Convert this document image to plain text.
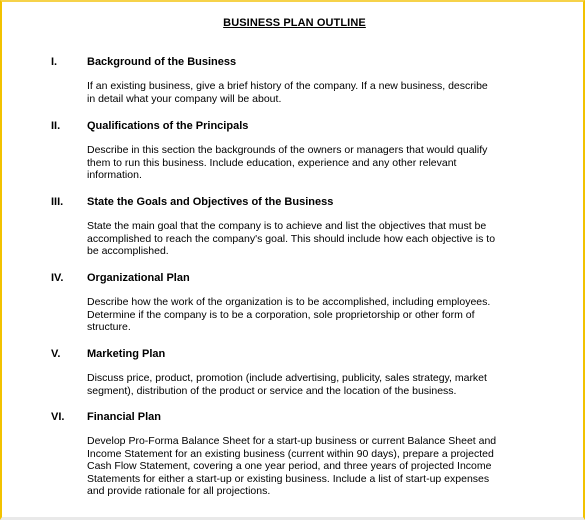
BUSINESS PLAN OUTLINE
I.	Background of the Business
If an existing business, give a brief history of the company. If a new business, describe
in detail what your company will be about.
II. Qualifications of the Principals
Describe in this section the backgrounds of the owners or managers that would qualify
them to run this business. Include education, experience and any other relevant
information.
III. State the Goals and Objectives of the Business
State the main goal that the company is to achieve and list the objectives that must be
accomplished to reach the company's goal. This should include how each objective is to
be accomplished.
IV. Organizational Plan
Describe how the work of the organization is to be accomplished, including employees.
Determine if the company is to be a corporation, sole proprietorship or other form of
structure.
V. Marketing Plan
Discuss price, product, promotion (include advertising, publicity, sales strategy, market
segment), distribution of the product or service and the location of the business.
VI. Financial Plan
Develop Pro-Forma Balance Sheet for a start-up business or current Balance Sheet and
Income Statement for an existing business (current within 90 days), prepare a projected
Cash Flow Statement, covering a one year period, and three years of projected Income
Statements for either a start-up or existing business. Include a list of start-up expenses
and provide rationale for all projections.
